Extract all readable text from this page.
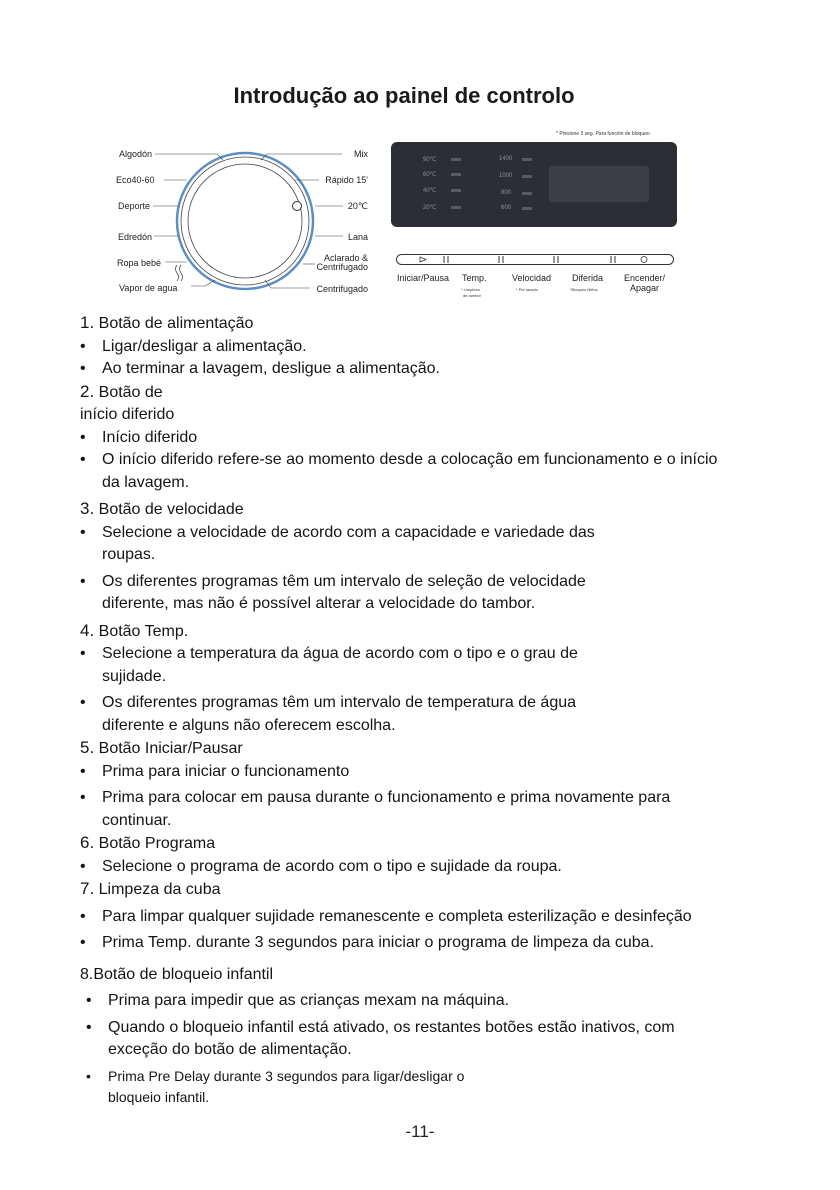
Introdução ao painel de controlo
Algodón
Eco40-60
Deporte
Edredón
Ropa bebé
Vapor de agua
Mix
Rápido 15'
20℃
Lana
Aclarado &
Centrifugado
Centrifugado
* Presione 3 seg. Para función de bloqueo
90℃
60℃
40℃
20℃
1400
1000
800
600
Iniciar/Pausa Temp.	Velocidad Diferida Encender/
Apagar
* Limpieza
de tambor
* Pre lavado	*Bloqueo Niños

1. Botão de alimentação

• Ligar/desligar a alimentação.

• Ao terminar a lavagem, desligue a alimentação.

2. Botão de

início diferido

• Início diferido

• O início diferido refere-se ao momento desde a colocação em funcionamento e o início

da lavagem.

3. Botão de velocidade

• Selecione a velocidade de acordo com a capacidade e variedade das

roupas.

• Os diferentes programas têm um intervalo de seleção de velocidade

diferente, mas não é possível alterar a velocidade do tambor.

4. Botão Temp.

• Selecione a temperatura da água de acordo com o tipo e o grau de

sujidade.

• Os diferentes programas têm um intervalo de temperatura de água

diferente e alguns não oferecem escolha.

5. Botão Iniciar/Pausar

• Prima para iniciar o funcionamento

• Prima para colocar em pausa durante o funcionamento e prima novamente para

continuar.

6. Botão Programa

• Selecione o programa de acordo com o tipo e sujidade da roupa.

7. Limpeza da cuba

• Para limpar qualquer sujidade remanescente e completa esterilização e desinfeção

• Prima Temp. durante 3 segundos para iniciar o programa de limpeza da cuba.

8.Botão de bloqueio infantil

• Prima para impedir que as crianças mexam na máquina.

• Quando o bloqueio infantil está ativado, os restantes botões estão inativos, com

exceção do botão de alimentação.

• Prima Pre Delay durante 3 segundos para ligar/desligar o

bloqueio infantil.

-11-
